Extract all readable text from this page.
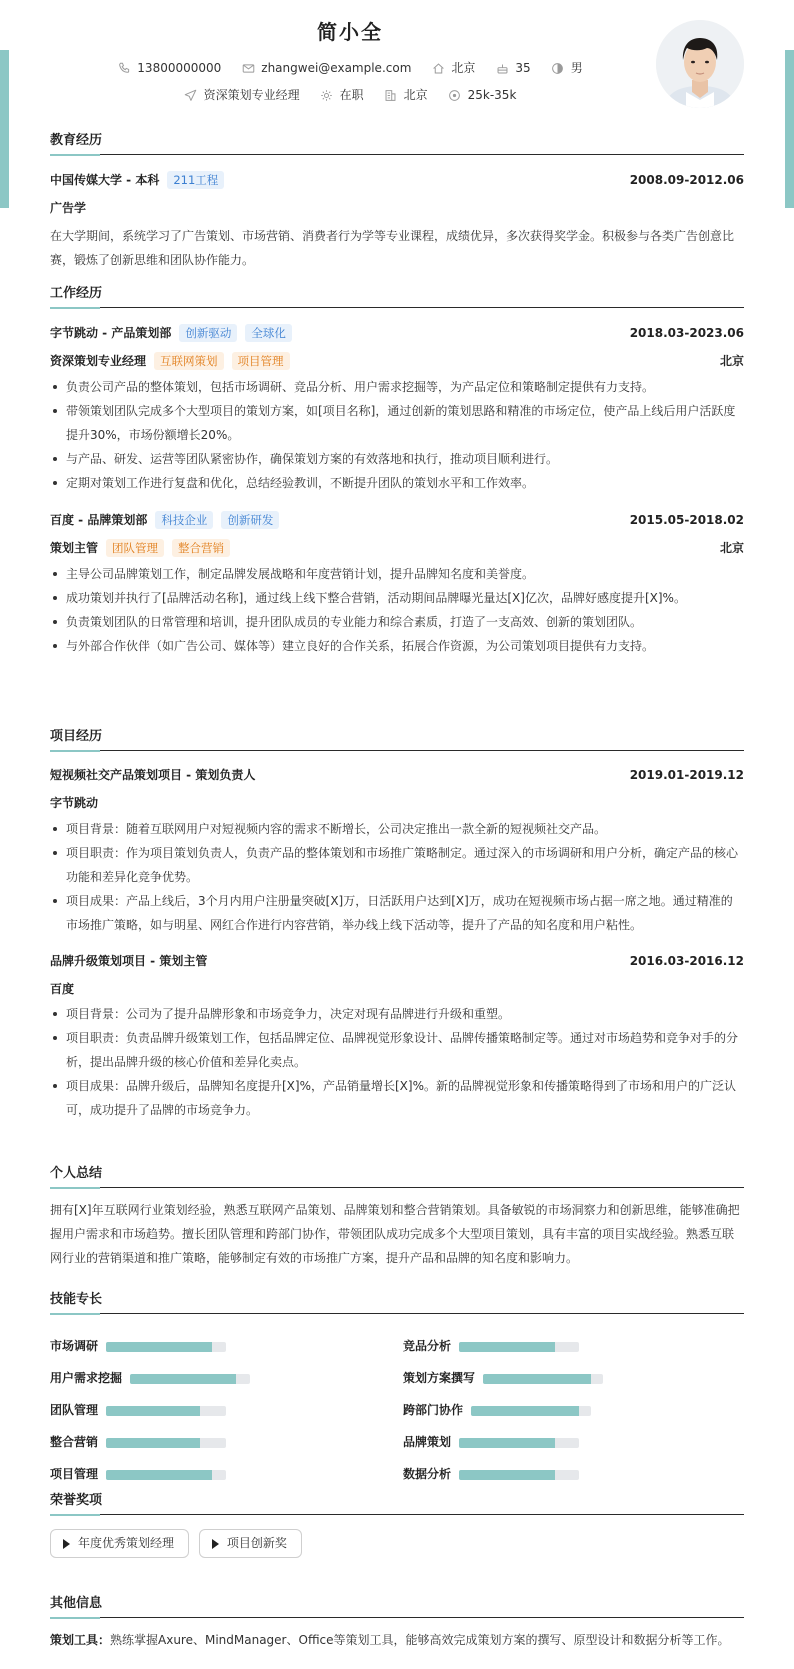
简小全
13800000000	zhangwei@example.com	北京	35	男
资深策划专业经理	在职	北京	25k-35k
教育经历
中国传媒大学 - 本科	211工程	2008.09-2012.06
广告学
在大学期间，系统学习了广告策划、市场营销、消费者行为学等专业课程，成绩优异，多次获得奖学金。积极参与各类广告创意比赛，锻炼了创新思维和团队协作能力。
工作经历
字节跳动 - 产品策划部	创新驱动	全球化	2018.03-2023.06
资深策划专业经理	互联网策划	项目管理	北京
负责公司产品的整体策划，包括市场调研、竞品分析、用户需求挖掘等，为产品定位和策略制定提供有力支持。
带领策划团队完成多个大型项目的策划方案，如[项目名称]，通过创新的策划思路和精准的市场定位，使产品上线后用户活跃度提升30%，市场份额增长20%。
与产品、研发、运营等团队紧密协作，确保策划方案的有效落地和执行，推动项目顺利进行。
定期对策划工作进行复盘和优化，总结经验教训，不断提升团队的策划水平和工作效率。
百度 - 品牌策划部	科技企业	创新研发	2015.05-2018.02
策划主管	团队管理	整合营销	北京
主导公司品牌策划工作，制定品牌发展战略和年度营销计划，提升品牌知名度和美誉度。
成功策划并执行了[品牌活动名称]，通过线上线下整合营销，活动期间品牌曝光量达[X]亿次，品牌好感度提升[X]%。
负责策划团队的日常管理和培训，提升团队成员的专业能力和综合素质，打造了一支高效、创新的策划团队。
与外部合作伙伴（如广告公司、媒体等）建立良好的合作关系，拓展合作资源，为公司策划项目提供有力支持。
项目经历
短视频社交产品策划项目 - 策划负责人	2019.01-2019.12
字节跳动
项目背景：随着互联网用户对短视频内容的需求不断增长，公司决定推出一款全新的短视频社交产品。
项目职责：作为项目策划负责人，负责产品的整体策划和市场推广策略制定。通过深入的市场调研和用户分析，确定产品的核心功能和差异化竞争优势。
项目成果：产品上线后，3个月内用户注册量突破[X]万，日活跃用户达到[X]万，成功在短视频市场占据一席之地。通过精准的市场推广策略，如与明星、网红合作进行内容营销，举办线上线下活动等，提升了产品的知名度和用户粘性。
品牌升级策划项目 - 策划主管	2016.03-2016.12
百度
项目背景：公司为了提升品牌形象和市场竞争力，决定对现有品牌进行升级和重塑。
项目职责：负责品牌升级策划工作，包括品牌定位、品牌视觉形象设计、品牌传播策略制定等。通过对市场趋势和竞争对手的分析，提出品牌升级的核心价值和差异化卖点。
项目成果：品牌升级后，品牌知名度提升[X]%，产品销量增长[X]%。新的品牌视觉形象和传播策略得到了市场和用户的广泛认可，成功提升了品牌的市场竞争力。
个人总结
拥有[X]年互联网行业策划经验，熟悉互联网产品策划、品牌策划和整合营销策划。具备敏锐的市场洞察力和创新思维，能够准确把握用户需求和市场趋势。擅长团队管理和跨部门协作，带领团队成功完成多个大型项目策划，具有丰富的项目实战经验。熟悉互联网行业的营销渠道和推广策略，能够制定有效的市场推广方案，提升产品和品牌的知名度和影响力。
技能专长
市场调研	竞品分析
用户需求挖掘	策划方案撰写
团队管理	跨部门协作
整合营销	品牌策划
项目管理	数据分析
荣誉奖项
年度优秀策划经理
	项目创新奖
其他信息
策划工具：熟练掌握Axure、MindManager、Office等策划工具，能够高效完成策划方案的撰写、原型设计和数据分析等工作。
